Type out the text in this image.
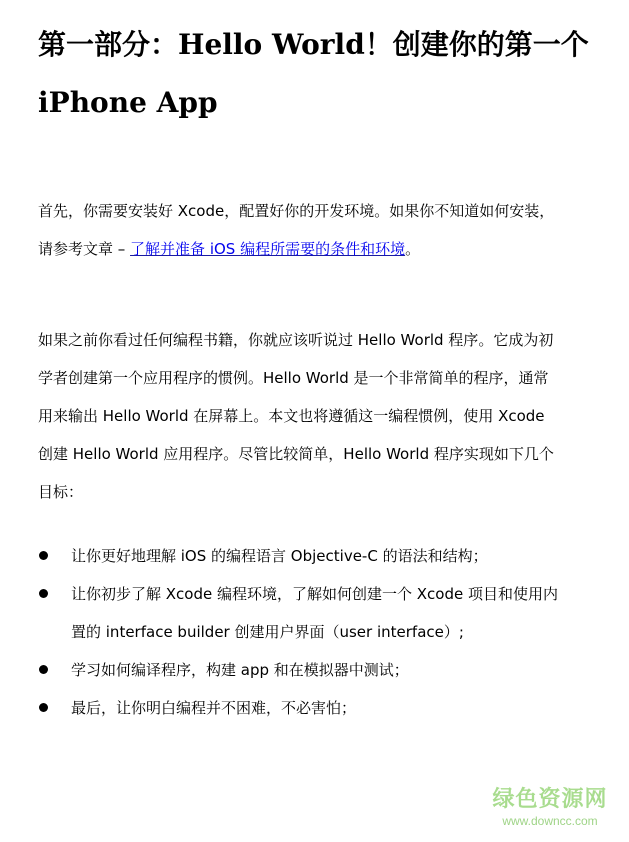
第一部分：Hello World！创建你的第一个
iPhone App

首先，你需要安装好 Xcode，配置好你的开发环境。如果你不知道如何安装，
请参考文章 – 了解并准备 iOS 编程所需要的条件和环境。

如果之前你看过任何编程书籍，你就应该听说过 Hello World 程序。它成为初
学者创建第一个应用程序的惯例。Hello World 是一个非常简单的程序，通常
用来输出 Hello World 在屏幕上。本文也将遵循这一编程惯例，使用 Xcode
创建 Hello World 应用程序。尽管比较简单，Hello World 程序实现如下几个
目标：

让你更好地理解 iOS 的编程语言 Objective-C 的语法和结构；
让你初步了解 Xcode 编程环境，了解如何创建一个 Xcode 项目和使用内
置的 interface builder 创建用户界面（user interface）;
学习如何编译程序，构建 app 和在模拟器中测试；
最后，让你明白编程并不困难，不必害怕；
绿色资源网
www.downcc.com
